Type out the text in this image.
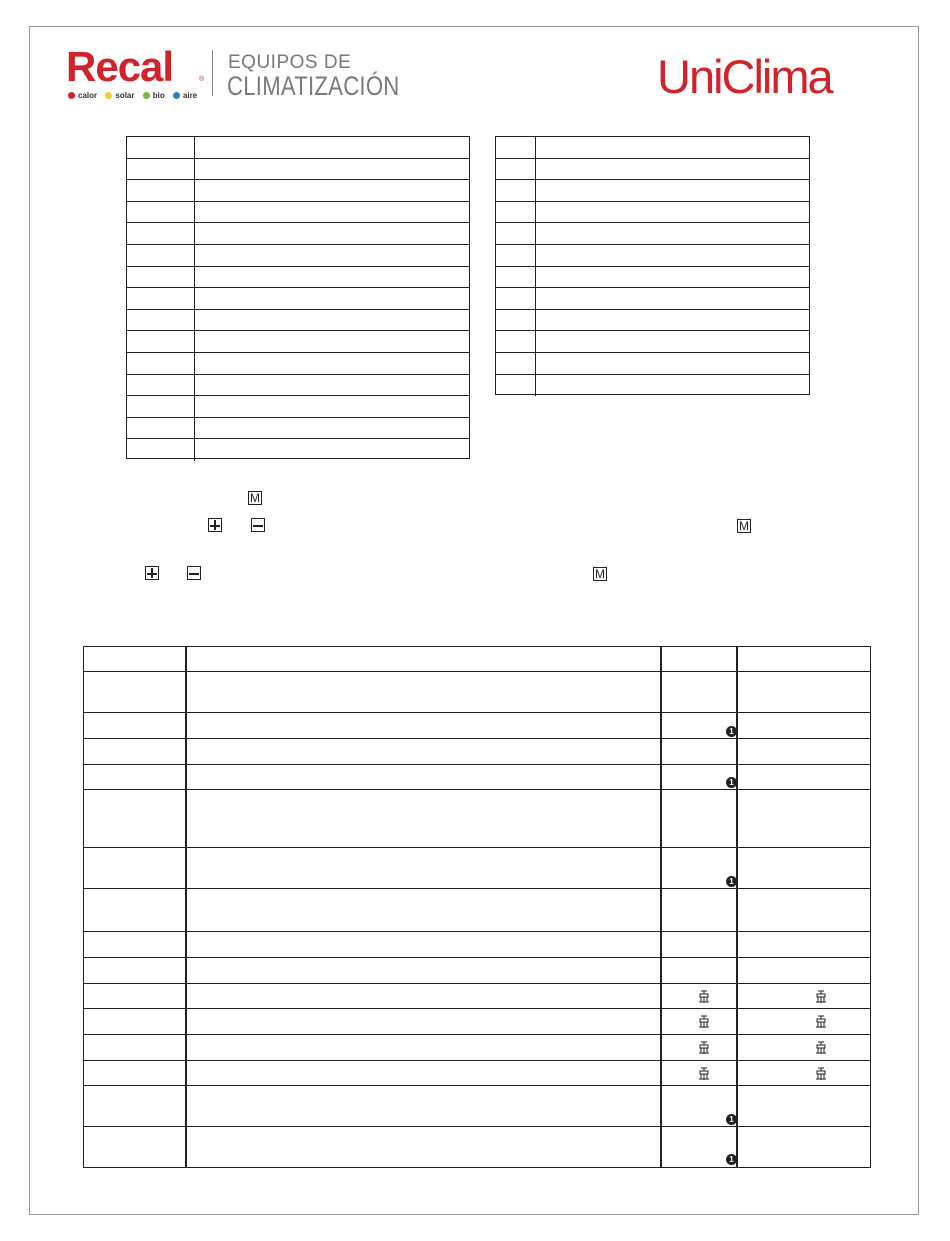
Recal	®
calor solar bio aire
EQUIPOS DE
CLIMATIZACIÓN	UniClima
M
M
M
1
1
1
1
1
